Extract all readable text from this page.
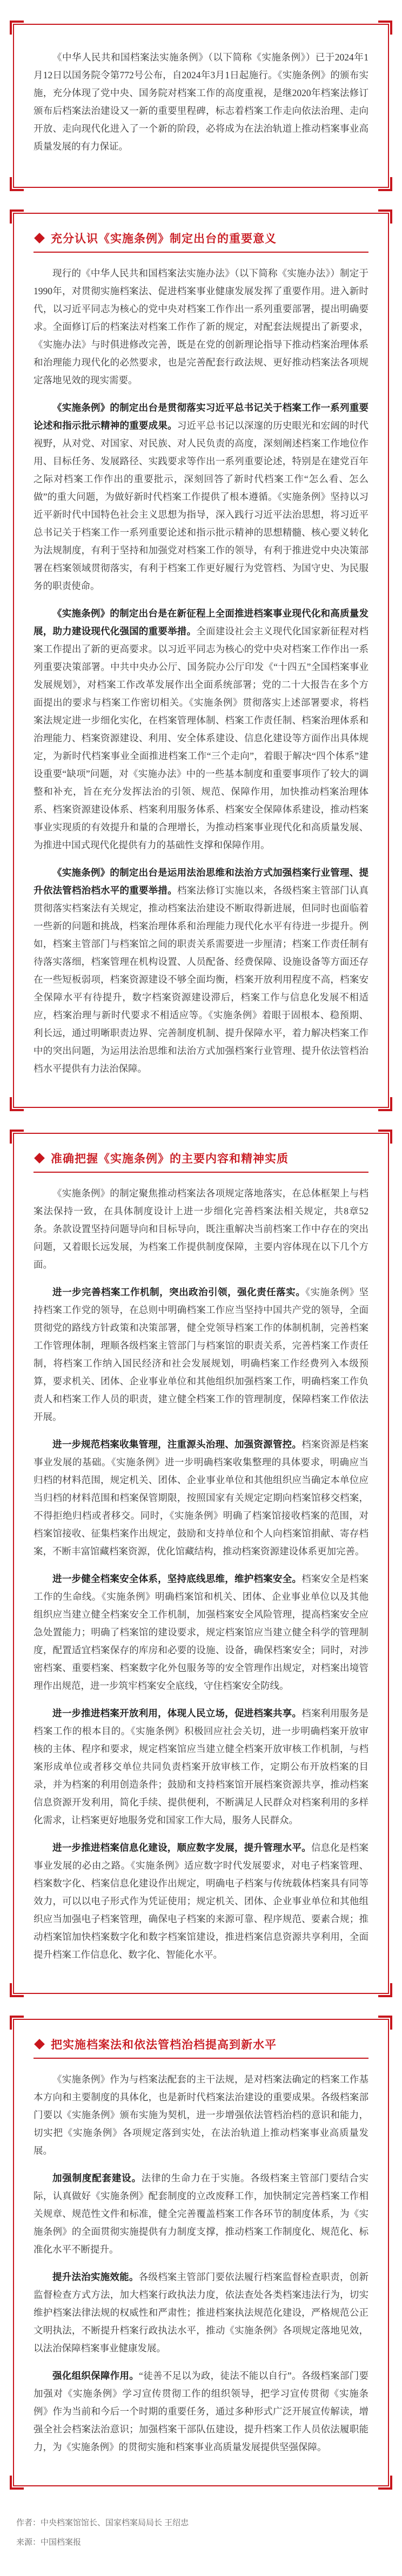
《中华人民共和国档案法实施条例》（以下简称《实施条例》）已于2024年1月12日以国务院令第772号公布，自2024年3月1日起施行。《实施条例》的颁布实施，充分体现了党中央、国务院对档案工作的高度重视，是继2020年档案法修订颁布后档案法治建设又一新的重要里程碑，标志着档案工作走向依法治理、走向开放、走向现代化进入了一个新的阶段，必将成为在法治轨道上推动档案事业高质量发展的有力保证。

充分认识《实施条例》制定出台的重要意义

现行的《中华人民共和国档案法实施办法》（以下简称《实施办法》）制定于1990年，对贯彻实施档案法、促进档案事业健康发展发挥了重要作用。进入新时代，以习近平同志为核心的党中央对档案工作作出一系列重要部署，提出明确要求。全面修订后的档案法对档案工作作了新的规定，对配套法规提出了新要求，《实施办法》与时俱进修改完善，既是在党的创新理论指导下推动档案治理体系和治理能力现代化的必然要求，也是完善配套行政法规、更好推动档案法各项规定落地见效的现实需要。

《实施条例》的制定出台是贯彻落实习近平总书记关于档案工作一系列重要论述和指示批示精神的重要成果。习近平总书记以深邃的历史眼光和宏阔的时代视野，从对党、对国家、对民族、对人民负责的高度，深刻阐述档案工作地位作用、目标任务、发展路径、实践要求等作出一系列重要论述，特别是在建党百年之际对档案工作作出的重要批示，深刻回答了新时代档案工作“怎么看、怎么做”的重大问题，为做好新时代档案工作提供了根本遵循。《实施条例》坚持以习近平新时代中国特色社会主义思想为指导，深入践行习近平法治思想，将习近平总书记关于档案工作一系列重要论述和指示批示精神的思想精髓、核心要义转化为法规制度，有利于坚持和加强党对档案工作的领导，有利于推进党中央决策部署在档案领域贯彻落实，有利于档案工作更好履行为党管档、为国守史、为民服务的职责使命。

《实施条例》的制定出台是在新征程上全面推进档案事业现代化和高质量发展，助力建设现代化强国的重要举措。全面建设社会主义现代化国家新征程对档案工作提出了新的更高要求。以习近平同志为核心的党中央对档案工作作出一系列重要决策部署。中共中央办公厅、国务院办公厅印发《“十四五”全国档案事业发展规划》，对档案工作改革发展作出全面系统部署；党的二十大报告在多个方面提出的要求与档案工作密切相关。《实施条例》贯彻落实上述部署要求，将档案法规定进一步细化实化，在档案管理体制、档案工作责任制、档案治理体系和治理能力、档案资源建设、利用、安全体系建设、信息化建设等方面作出具体规定，为新时代档案事业全面推进档案工作“三个走向”，着眼于解决“四个体系”建设重要“缺项”问题，对《实施办法》中的一些基本制度和重要事项作了较大的调整和补充，旨在充分发挥法治的引领、规范、保障作用，加快推动档案治理体系、档案资源建设体系、档案利用服务体系、档案安全保障体系建设，推动档案事业实现质的有效提升和量的合理增长，为推动档案事业现代化和高质量发展、为推进中国式现代化提供有力的基础性支撑和保障作用。

《实施条例》的制定出台是运用法治思维和法治方式加强档案行业管理、提升依法管档治档水平的重要举措。档案法修订实施以来，各级档案主管部门认真贯彻落实档案法有关规定，推动档案法治建设不断取得新进展，但同时也面临着一些新的问题和挑战，档案治理体系和治理能力现代化水平有待进一步提升。例如，档案主管部门与档案馆之间的职责关系需要进一步厘清；档案工作责任制有待落实落细，档案管理在机构设置、人员配备、经费保障、设施设备等方面还存在一些短板弱项，档案资源建设不够全面均衡，档案开放利用程度不高，档案安全保障水平有待提升，数字档案资源建设滞后，档案工作与信息化发展不相适应，档案治理与新时代要求不相适应等。《实施条例》着眼于固根本、稳预期、利长远，通过明晰职责边界、完善制度机制、提升保障水平，着力解决档案工作中的突出问题，为运用法治思维和法治方式加强档案行业管理、提升依法管档治档水平提供有力法治保障。

准确把握《实施条例》的主要内容和精神实质

《实施条例》的制定聚焦推动档案法各项规定落地落实，在总体框架上与档案法保持一致，在具体制度设计上进一步细化完善档案法相关规定，共8章52条。条款设置坚持问题导向和目标导向，既注重解决当前档案工作中存在的突出问题，又着眼长远发展，为档案工作提供制度保障，主要内容体现在以下几个方面。

进一步完善档案工作机制，突出政治引领，强化责任落实。《实施条例》坚持档案工作党的领导，在总则中明确档案工作应当坚持中国共产党的领导，全面贯彻党的路线方针政策和决策部署，健全党领导档案工作的体制机制，完善档案工作管理体制，理顺各级档案主管部门与档案馆的职责关系，完善档案工作责任制，将档案工作纳入国民经济和社会发展规划，明确档案工作经费列入本级预算，要求机关、团体、企业事业单位和其他组织加强档案工作，明确档案工作负责人和档案工作人员的职责，建立健全档案工作的管理制度，保障档案工作依法开展。

进一步规范档案收集管理，注重源头治理、加强资源管控。档案资源是档案事业发展的基础。《实施条例》进一步明确档案收集整理的具体要求，明确应当归档的材料范围，规定机关、团体、企业事业单位和其他组织应当确定本单位应当归档的材料范围和档案保管期限，按照国家有关规定定期向档案馆移交档案，不得拒绝归档或者移交。同时，《实施条例》明确了档案馆接收档案的范围，对档案馆接收、征集档案作出规定，鼓励和支持单位和个人向档案馆捐献、寄存档案，不断丰富馆藏档案资源，优化馆藏结构，推动档案资源建设体系更加完善。

进一步健全档案安全体系，坚持底线思维，维护档案安全。档案安全是档案工作的生命线。《实施条例》明确档案馆和机关、团体、企业事业单位以及其他组织应当建立健全档案安全工作机制，加强档案安全风险管理，提高档案安全应急处置能力；明确了档案馆的建设要求，规定档案馆应当建立健全科学的管理制度，配置适宜档案保存的库房和必要的设施、设备，确保档案安全；同时，对涉密档案、重要档案、档案数字化外包服务等的安全管理作出规定，对档案出境管理作出规范，进一步筑牢档案安全底线，守住档案安全防线。

进一步推进档案开放利用，体现人民立场，促进档案共享。档案利用服务是档案工作的根本目的。《实施条例》积极回应社会关切，进一步明确档案开放审核的主体、程序和要求，规定档案馆应当建立健全档案开放审核工作机制，与档案形成单位或者移交单位共同负责档案开放审核工作，定期公布开放档案的目录，并为档案的利用创造条件；鼓励和支持档案馆开展档案资源共享，推动档案信息资源开发利用，简化手续、提供便利，不断满足人民群众对档案利用的多样化需求，让档案更好地服务党和国家工作大局，服务人民群众。

进一步推进档案信息化建设，顺应数字发展，提升管理水平。信息化是档案事业发展的必由之路。《实施条例》适应数字时代发展要求，对电子档案管理、档案数字化、档案信息化建设作出规定，明确电子档案与传统载体档案具有同等效力，可以以电子形式作为凭证使用；规定机关、团体、企业事业单位和其他组织应当加强电子档案管理，确保电子档案的来源可靠、程序规范、要素合规；推动档案馆加快档案数字化和数字档案馆建设，推进档案信息资源共享利用，全面提升档案工作信息化、数字化、智能化水平。

把实施档案法和依法管档治档提高到新水平

《实施条例》作为与档案法配套的主干法规，是对档案法确定的档案工作基本方向和主要制度的具体化，也是新时代档案法治建设的重要成果。各级档案部门要以《实施条例》颁布实施为契机，进一步增强依法管档治档的意识和能力，切实把《实施条例》各项规定落到实处，在法治轨道上推动档案事业高质量发展。

加强制度配套建设。法律的生命力在于实施。各级档案主管部门要结合实际，认真做好《实施条例》配套制度的立改废释工作，加快制定完善档案工作相关规章、规范性文件和标准，健全完善覆盖档案工作各环节的制度体系，为《实施条例》的全面贯彻实施提供有力制度支撑，推动档案工作制度化、规范化、标准化水平不断提升。

提升法治实施效能。各级档案主管部门要依法履行档案监督检查职责，创新监督检查方式方法，加大档案行政执法力度，依法查处各类档案违法行为，切实维护档案法律法规的权威性和严肃性；推进档案执法规范化建设，严格规范公正文明执法，不断提升档案行政执法水平，推动《实施条例》各项规定落地见效，以法治保障档案事业健康发展。

强化组织保障作用。“徒善不足以为政，徒法不能以自行”。各级档案部门要加强对《实施条例》学习宣传贯彻工作的组织领导，把学习宣传贯彻《实施条例》作为当前和今后一个时期的重要任务，通过多种形式广泛开展宣传解读，增强全社会档案法治意识；加强档案干部队伍建设，提升档案工作人员依法履职能力，为《实施条例》的贯彻实施和档案事业高质量发展提供坚强保障。

作者：中央档案馆馆长、国家档案局局长 王绍忠
来源：中国档案报
